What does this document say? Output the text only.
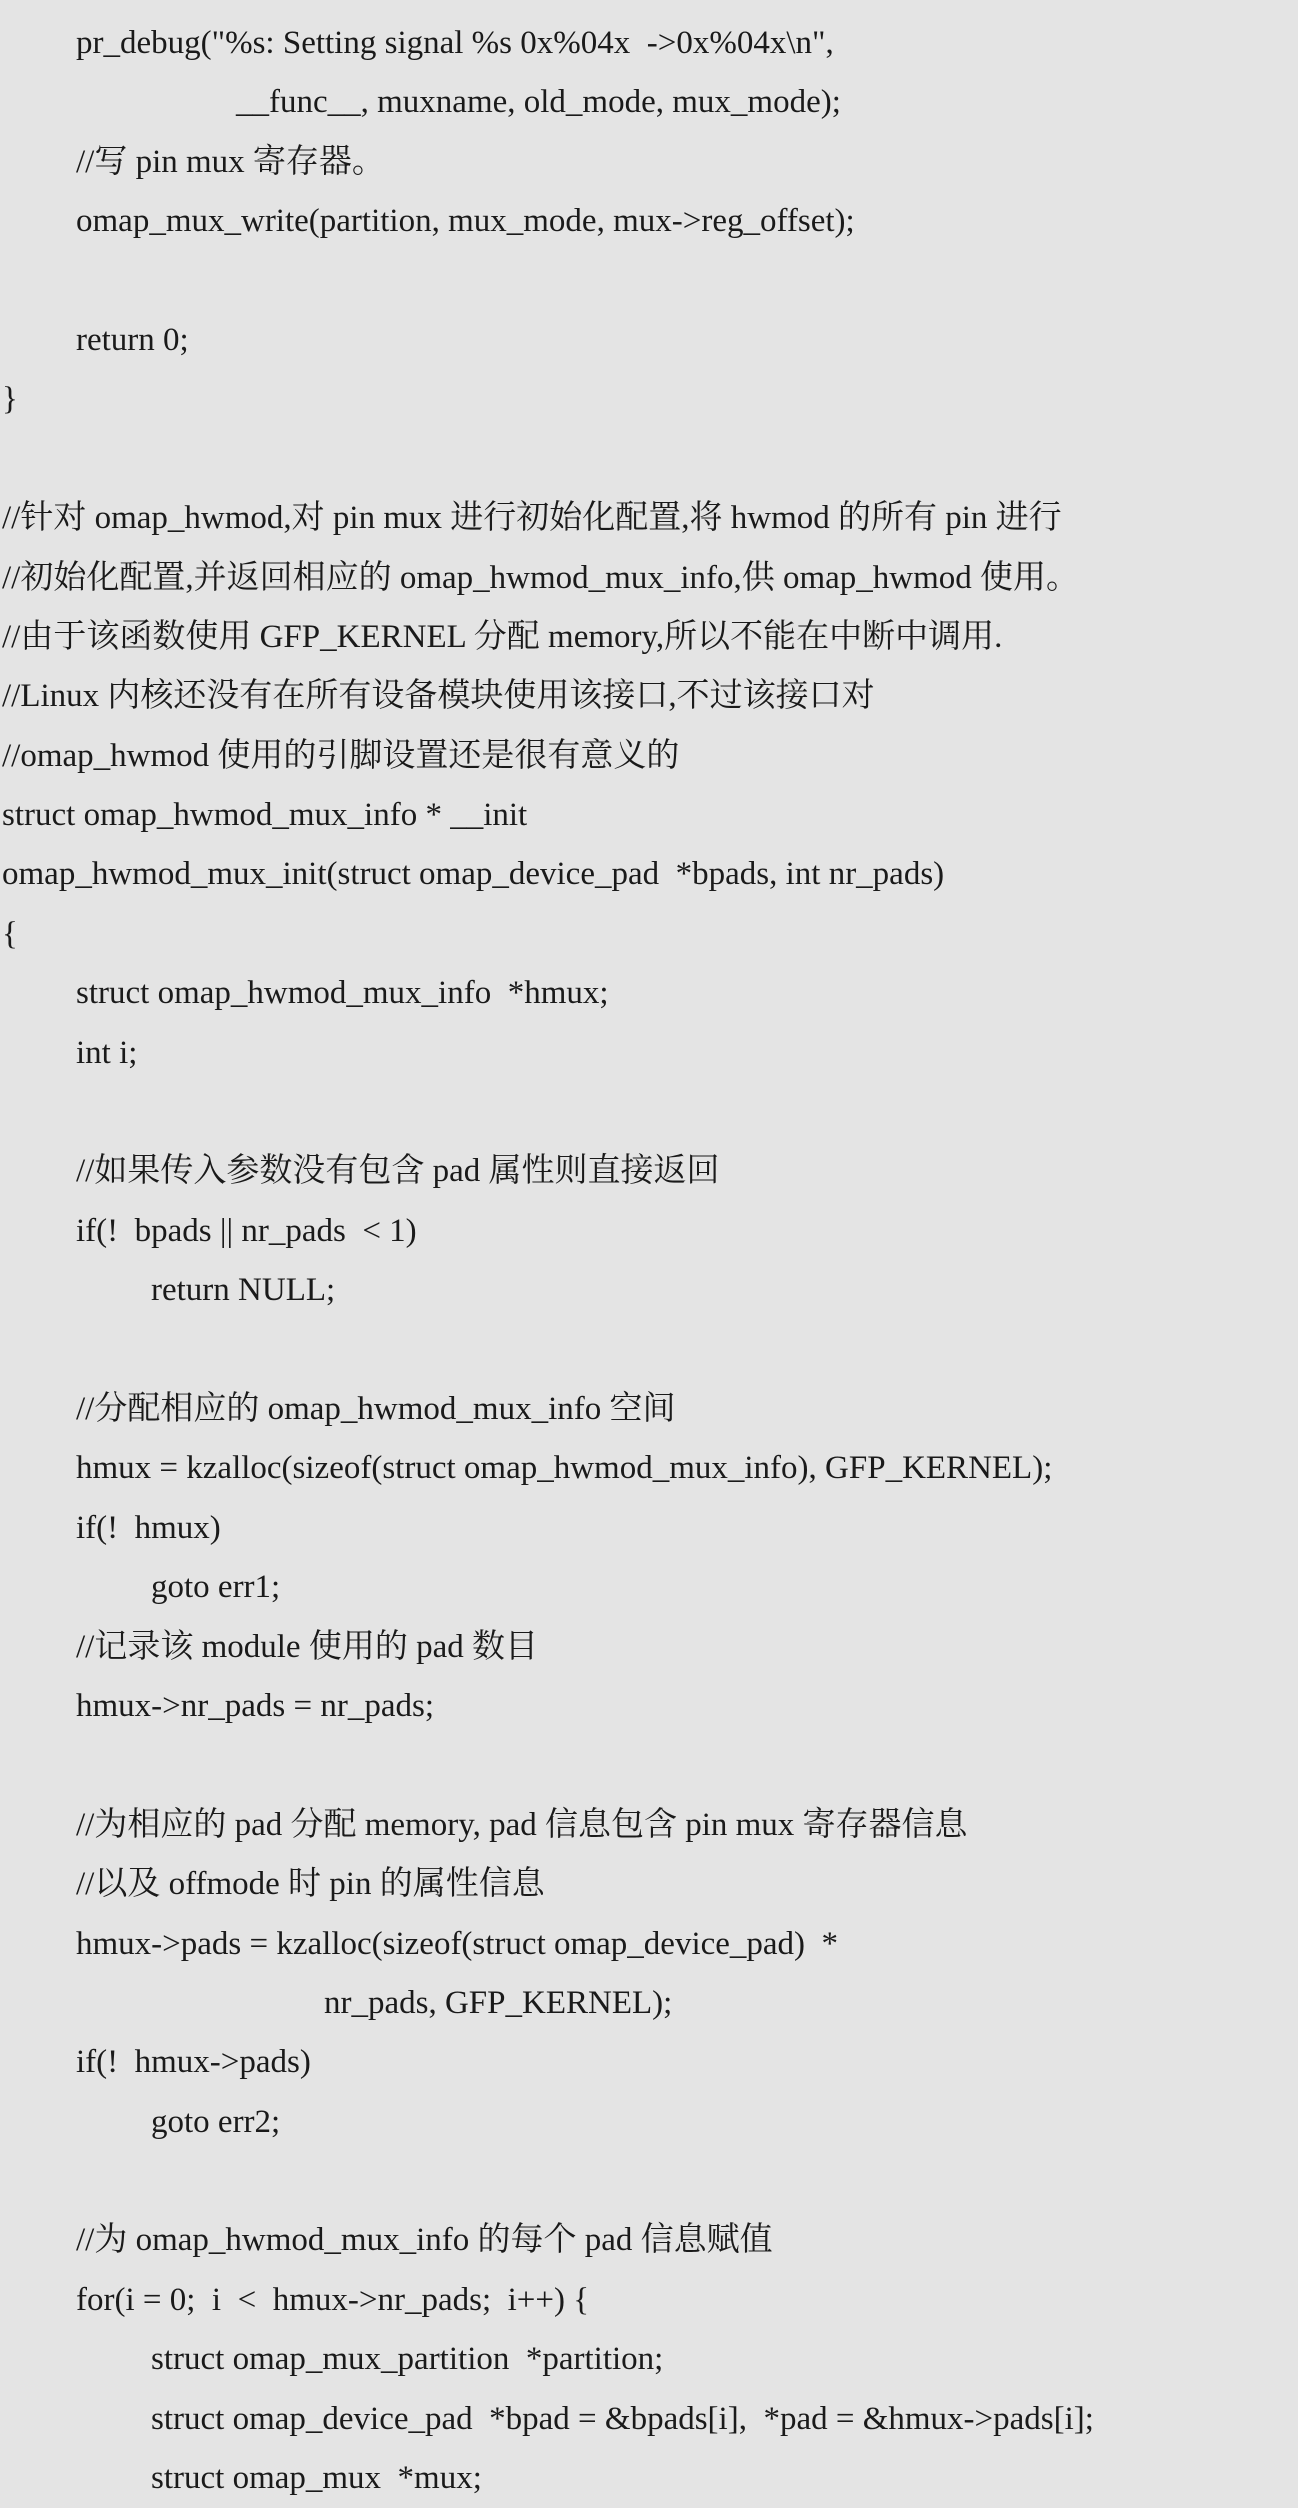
pr_debug("%s: Setting signal %s 0x%04x  ->0x%04x\n",
__func__, muxname, old_mode, mux_mode);
//写 pin mux 寄存器。
omap_mux_write(partition, mux_mode, mux->reg_offset);
return 0;
}
//针对 omap_hwmod,对 pin mux 进行初始化配置,将 hwmod 的所有 pin 进行
//初始化配置,并返回相应的 omap_hwmod_mux_info,供 omap_hwmod 使用。
//由于该函数使用 GFP_KERNEL 分配 memory,所以不能在中断中调用.
//Linux 内核还没有在所有设备模块使用该接口,不过该接口对
//omap_hwmod 使用的引脚设置还是很有意义的
struct omap_hwmod_mux_info * __init
omap_hwmod_mux_init(struct omap_device_pad  *bpads, int nr_pads)
{
struct omap_hwmod_mux_info  *hmux;
int i;
//如果传入参数没有包含 pad 属性则直接返回
if(!  bpads || nr_pads  < 1)
return NULL;
//分配相应的 omap_hwmod_mux_info 空间
hmux = kzalloc(sizeof(struct omap_hwmod_mux_info), GFP_KERNEL);
if(!  hmux)
goto err1;
//记录该 module 使用的 pad 数目
hmux->nr_pads = nr_pads;
//为相应的 pad 分配 memory, pad 信息包含 pin mux 寄存器信息
//以及 offmode 时 pin 的属性信息
hmux->pads = kzalloc(sizeof(struct omap_device_pad)  *
nr_pads, GFP_KERNEL);
if(!  hmux->pads)
goto err2;
//为 omap_hwmod_mux_info 的每个 pad 信息赋值
for(i = 0;  i  <  hmux->nr_pads;  i++) {
struct omap_mux_partition  *partition;
struct omap_device_pad  *bpad = &bpads[i],  *pad = &hmux->pads[i];
struct omap_mux  *mux;
